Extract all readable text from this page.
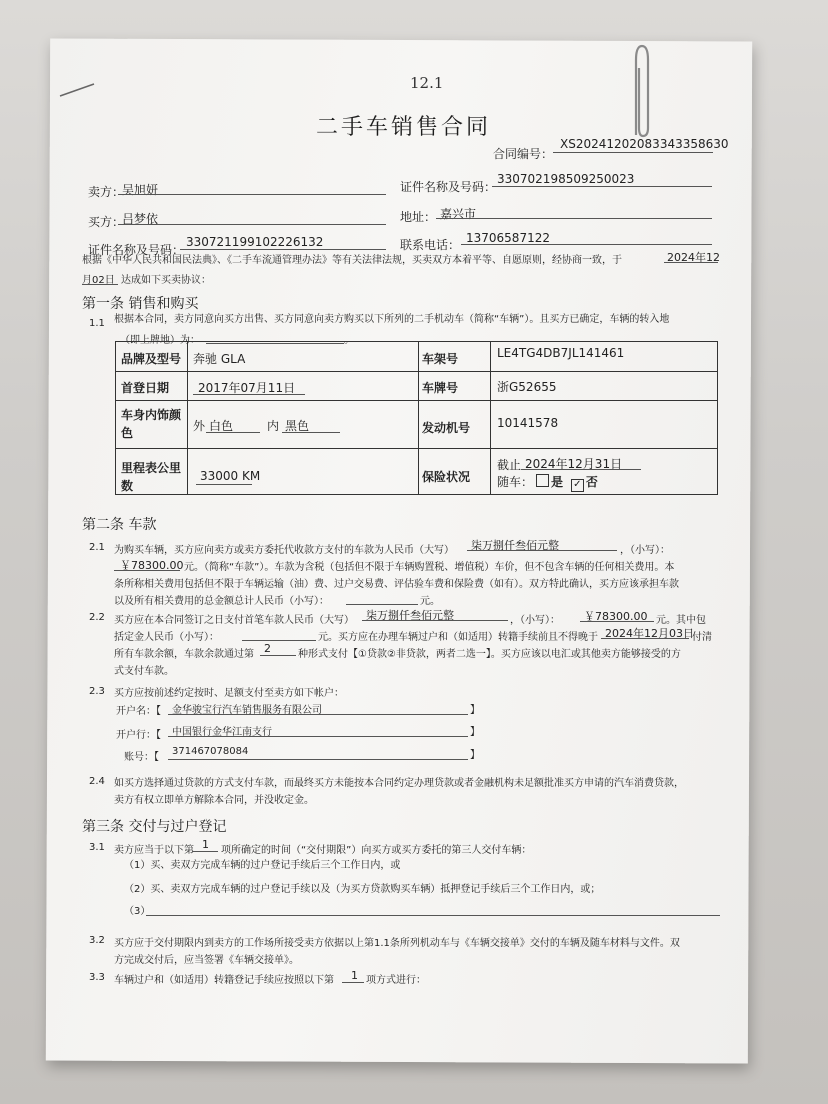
12.1
二手车销售合同
合同编号：
XS20241202083343358630
卖方：
吴旭妍	证件名称及号码：
330702198509250023
买方：
吕梦依	地址： 嘉兴市
证件名称及号码：
330721199102226132	联系电话： 13706587122
根据《中华人民共和国民法典》、《二手车流通管理办法》等有关法律法规，买卖双方本着平等、自愿原则，经协商一致，于	2024年12
月02日 达成如下买卖协议：
第一条 销售和购买
1.1 根据本合同，卖方同意向买方出售、买方同意向卖方购买以下所列的二手机动车（简称“车辆”）。且买方已确定，车辆的转入地
（即上牌地）为：	。
品牌及型号 奔驰 GLA	车架号	LE4TG4DB7JL141461
首登日期 2017年07月11日	车牌号	浙G52655
车身内饰颜
色	外 白色	内 黑色	发动机号 10141578
里程表公里
数
33000 KM	保险状况
截止 2024年12月31日
随车：	是 ✓ 否
第二条 车款
2.1 为购买车辆，买方应向卖方或卖方委托代收款方支付的车款为人民币（大写） 柒万捌仟叁佰元整	，（小写）：
￥78300.00 元。（简称“车款”）。车款为含税（包括但不限于车辆购置税、增值税）车价，但不包含车辆的任何相关费用。本
条所称相关费用包括但不限于车辆运输（油）费、过户交易费、评估验车费和保险费（如有）。双方特此确认，买方应该承担车款
以及所有相关费用的总金额总计人民币（小写）：	元。
2.2 买方应在本合同签订之日支付首笔车款人民币（大写） 柒万捌仟叁佰元整	，（小写）： ￥78300.00 元。其中包
括定金人民币（小写）：	元。买方应在办理车辆过户和（如适用）转籍手续前且不得晚于 2024年12月03日
付清
所有车款余额，车款余款通过第 2	种形式支付【①贷款②非贷款，两者二选一】。买方应该以电汇或其他卖方能够接受的方
式支付车款。
2.3 买方应按前述约定按时、足额支付至卖方如下帐户：
开户名：【 金华骏宝行汽车销售服务有限公司	】
开户行：【 中国银行金华江南支行	】
账号：【
371467078084	】
2.4 如买方选择通过贷款的方式支付车款，而最终买方未能按本合同约定办理贷款或者金融机构未足额批准买方申请的汽车消费贷款，
卖方有权立即单方解除本合同，并没收定金。
第三条 交付与过户登记
3.1 卖方应当于以下第 1 项所确定的时间（“交付期限”）向买方或买方委托的第三人交付车辆：
（1）买、卖双方完成车辆的过户登记手续后三个工作日内，或
（2）买、卖双方完成车辆的过户登记手续以及（为买方贷款购买车辆）抵押登记手续后三个工作日内，或；
（3）
3.2 买方应于交付期限内到卖方的工作场所接受卖方依据以上第1.1条所列机动车与《车辆交接单》交付的车辆及随车材料与文件。双
方完成交付后，应当签署《车辆交接单》。
3.3 车辆过户和（如适用）转籍登记手续应按照以下第 1 项方式进行：
